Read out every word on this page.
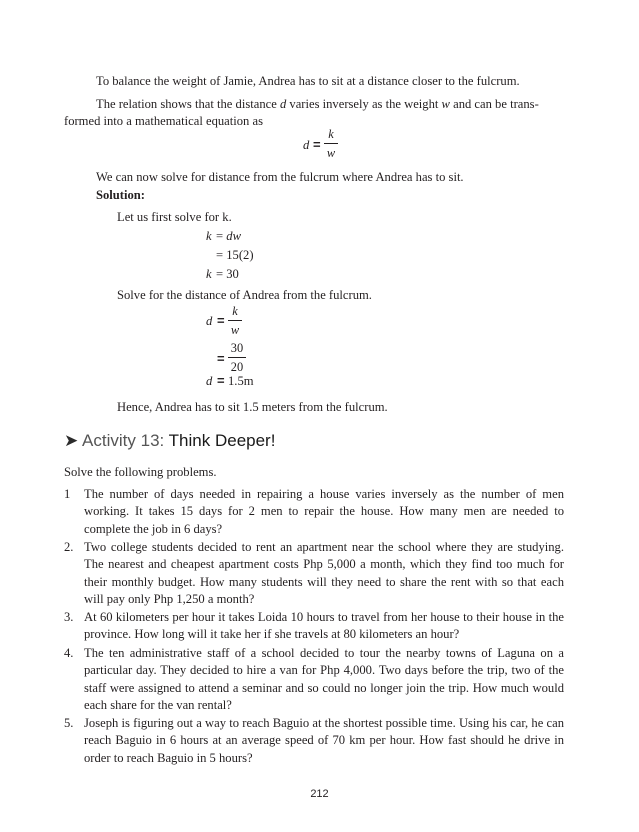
To balance the weight of Jamie, Andrea has to sit at a distance closer to the fulcrum.
The relation shows that the distance d varies inversely as the weight w and can be trans-
formed into a mathematical equation as
d =
k
w
We can now solve for distance from the fulcrum where Andrea has to sit.
Solution:
Let us first solve for k.
k = dw
= 15(2)
k = 30
Solve for the distance of Andrea from the fulcrum.
d =
k
w
=
30
20
d = 1.5m
Hence, Andrea has to sit 1.5 meters from the fulcrum.
➤ Activity 13: Think Deeper!
Solve the following problems.
1 The number of days needed in repairing a house varies inversely as the number of men working. It takes 15 days for 2 men to repair the house. How many men are needed to complete the job in 6 days?
2. Two college students decided to rent an apartment near the school where they are studying. The nearest and cheapest apartment costs Php 5,000 a month, which they find too much for their monthly budget. How many students will they need to share the rent with so that each will pay only Php 1,250 a month?
3. At 60 kilometers per hour it takes Loida 10 hours to travel from her house to their house in the province. How long will it take her if she travels at 80 kilometers an hour?
4. The ten administrative staff of a school decided to tour the nearby towns of Laguna on a particular day. They decided to hire a van for Php 4,000. Two days before the trip, two of the staff were assigned to attend a seminar and so could no longer join the trip. How much would each share for the van rental?
5. Joseph is figuring out a way to reach Baguio at the shortest possible time. Using his car, he can reach Baguio in 6 hours at an average speed of 70 km per hour. How fast should he drive in order to reach Baguio in 5 hours?
212
